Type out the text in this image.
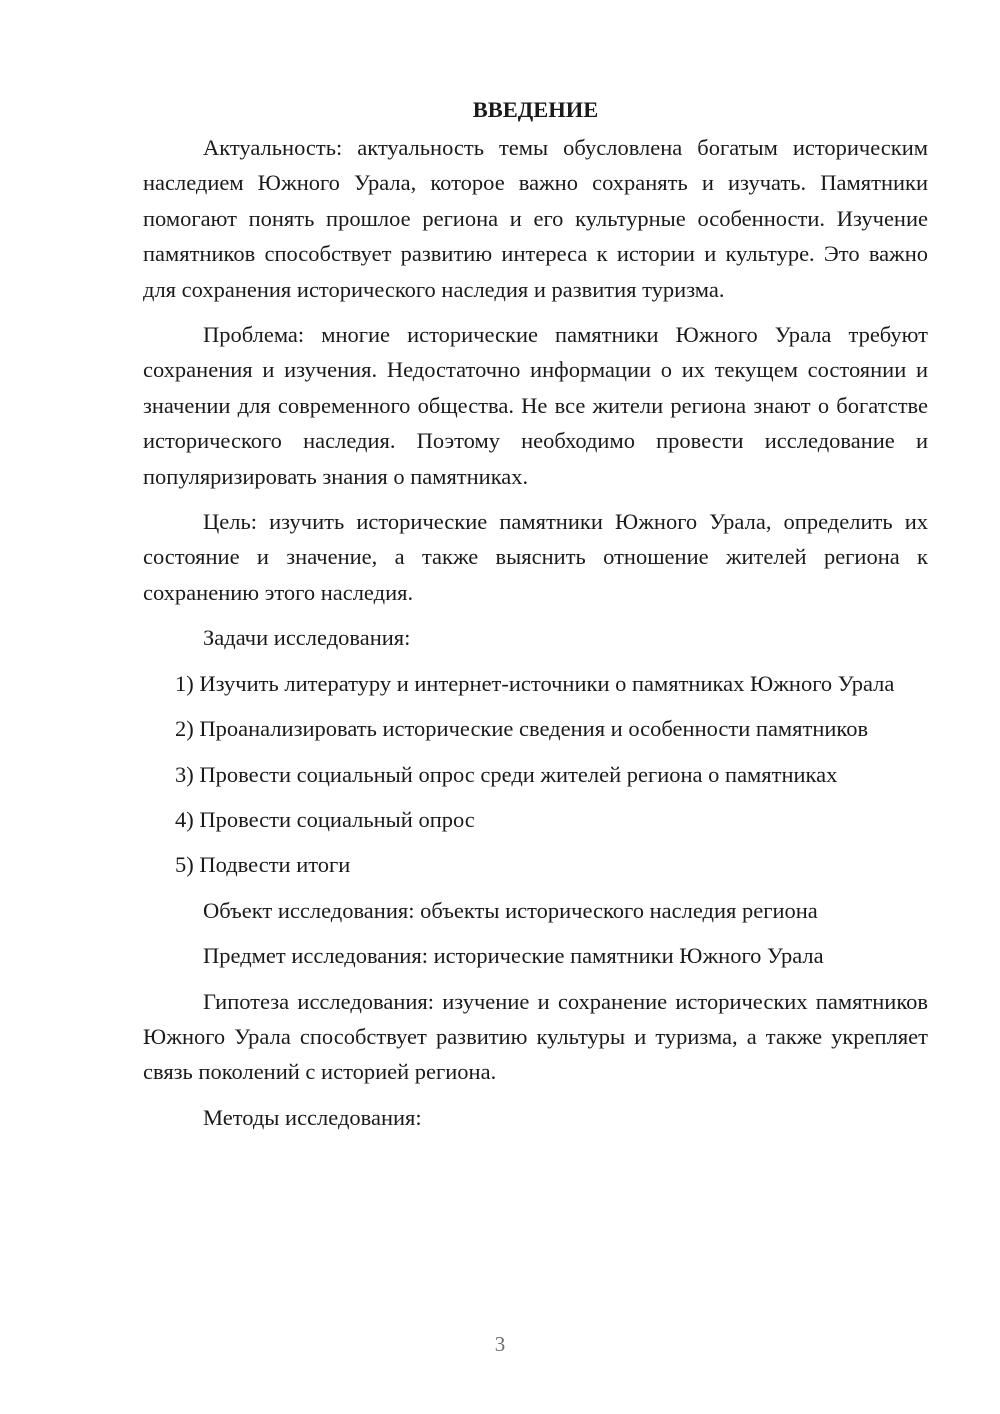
ВВЕДЕНИЕ

Актуальность: актуальность темы обусловлена богатым историческим наследием Южного Урала, которое важно сохранять и изучать. Памятники помогают понять прошлое региона и его культурные особенности. Изучение памятников способствует развитию интереса к истории и культуре. Это важно для сохранения исторического наследия и развития туризма.

Проблема: многие исторические памятники Южного Урала требуют сохранения и изучения. Недостаточно информации о их текущем состоянии и значении для современного общества. Не все жители региона знают о богатстве исторического наследия. Поэтому необходимо провести исследование и популяризировать знания о памятниках.

Цель: изучить исторические памятники Южного Урала, определить их состояние и значение, а также выяснить отношение жителей региона к сохранению этого наследия.

Задачи исследования:

1) Изучить литературу и интернет-источники о памятниках Южного Урала

2) Проанализировать исторические сведения и особенности памятников

3) Провести социальный опрос среди жителей региона о памятниках

4) Провести социальный опрос

5) Подвести итоги

Объект исследования: объекты исторического наследия региона

Предмет исследования: исторические памятники Южного Урала

Гипотеза исследования: изучение и сохранение исторических памятников Южного Урала способствует развитию культуры и туризма, а также укрепляет связь поколений с историей региона.

Методы исследования:

3
